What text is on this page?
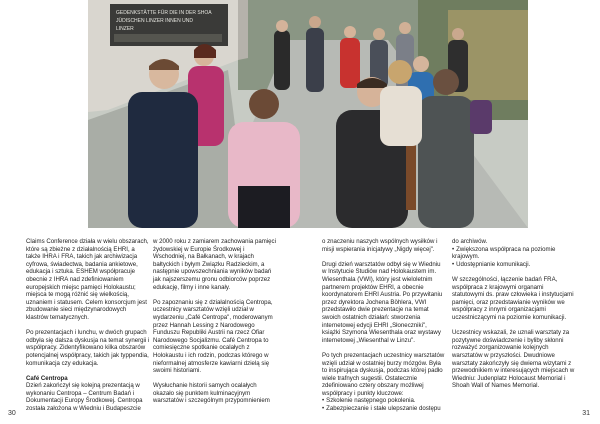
GEDENKSTÄTTE FÜR DIE IN DER SHOA
JÜDISCHEN LINZER INNEN UND
LINZER

Claims Conference działa w wielu obszarach, które są zbieżne z działalnością EHRI, a także IHRA i FRA, takich jak archiwizacja cyfrowa, świadectwa, badania ankietowe, edukacja i sztuka. ESHEM współpracuje obecnie z IHRA nad zdefiniowaniem europejskich miejsc pamięci Holokaustu; miejsca te mogą różnić się wielkością, uznaniem i statusem. Celem konsorcjum jest zbudowanie sieci międzynarodowych klastrów tematycznych.

Po prezentacjach i lunchu, w dwóch grupach odbyła się dalsza dyskusja na temat synergii i współpracy. Zidentyfikowano kilka obszarów potencjalnej współpracy, takich jak typpendia, komunikacja czy edukacja.

Café Centropa

Dzień zakończył się kolejną prezentacją w wykonaniu Centropa – Centrum Badań i Dokumentacji Europy Środkowej. Centropa została założona w Wiedniu i Budapeszcie

w 2000 roku z zamiarem zachowania pamięci żydowskiej w Europie Środkowej i Wschodniej, na Bałkanach, w krajach bałtyckich i byłym Związku Radzieckim, a następnie upowszechniania wyników badań jak najszerszemu gronu odbiorców poprzez edukację, filmy i inne kanały.

Po zapoznaniu się z działalnością Centropa, uczestnicy warsztatów wzięli udział w wydarzeniu „Café Centropa", moderowanym przez Hannah Lessing z Narodowego Funduszu Republiki Austrii na rzecz Ofiar Narodowego Socjalizmu. Café Centropa to comiesięczne spotkanie ocalałych z Holokaustu i ich rodzin, podczas którego w nieformalnej atmosferze kawiarni dzielą się swoimi historiami.

Wysłuchanie historii samych ocalałych okazało się punktem kulminacyjnym warsztatów i szczególnym przypomnieniem

o znaczeniu naszych wspólnych wysiłków i misji wspierania inicjatywy „Nigdy więcej".

Drugi dzień warsztatów odbył się w Wiedniu w Instytucie Studiów nad Holokaustem im. Wiesenthala (VWI), który jest wieloletnim partnerem projektów EHRI, a obecnie koordynatorem EHRI Austria. Po przywitaniu przez dyrektora Jochena Böhlera, VWI przedstawiło dwie prezentacje na temat swoich ostatnich działań: stworzenia internetowej edycji EHRI „Słoneczniki", książki Szymona Wiesenthala oraz wystawy internetowej „Wiesenthal w Linzu".

Po tych prezentacjach uczestnicy warsztatów wzięli udział w ostatniej burzy mózgów. Była to inspirująca dyskusja, podczas której padło wiele trafnych sugestii. Ostatecznie zdefiniowano cztery obszary możliwej współpracy i punkty kluczowe:

• Szkolenie następnego pokolenia.
• Zabezpieczanie i stałe ulepszanie dostępu

do archiwów.

• Zwiększona współpraca na poziomie krajowym.
• Udostępnianie komunikacji.

W szczególności, łączenie badań FRA, współpraca z krajowymi organami statutowymi ds. praw człowieka i instytucjami pamięci, oraz przedstawianie wyników we współpracy z innymi organizacjami uczestniczącymi na poziomie komunikacji.

Uczestnicy wskazali, że uznali warsztaty za pozytywne doświadczenie i byliby skłonni rozważyć zorganizowanie kolejnych warsztatów w przyszłości. Dwudniowe warsztaty zakończyły się dwiema wizytami z przewodnikiem w interesujących miejscach w Wiedniu: Judenplatz Holocaust Memorial i Shoah Wall of Names Memorial.

30	31
